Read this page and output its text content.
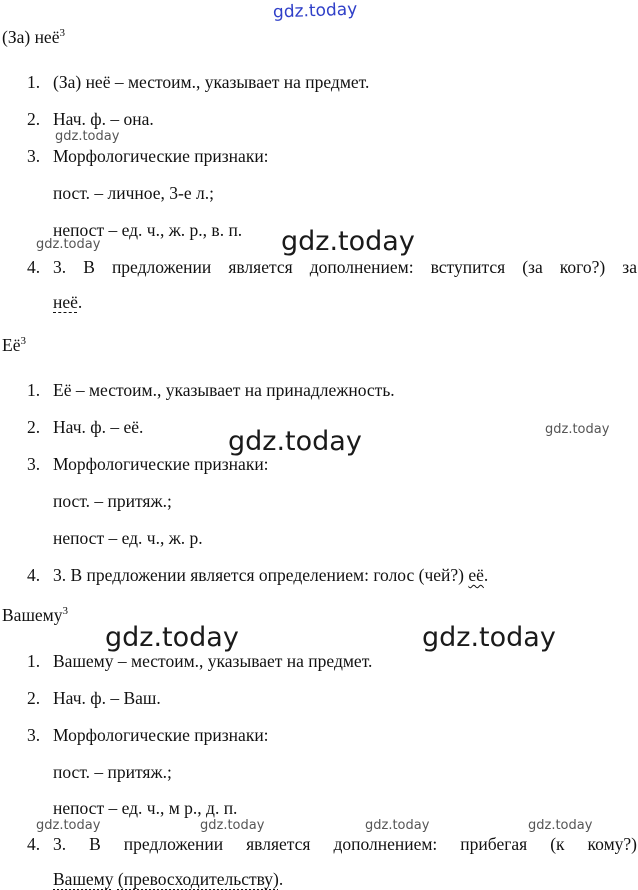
gdz.today
gdz.today
gdz.today	gdz.today
gdz.today	gdz.today
gdz.today	gdz.today
gdz.today	gdz.today	gdz.today	gdz.today
(За) неё$^3$
1. (За) неё – местоим., указывает на предмет.
2. Нач. ф. – она.
3. Морфологические признаки:
пост. – личное, 3-е л.;
непост – ед. ч., ж. р., в. п.
4. 3. В предложении является дополнением: вступится (за кого?) за
неё.
$Её^3$
1. Её – местоим., указывает на принадлежность.
2. Нач. ф. – её.
3. Морфологические признаки:
пост. – притяж.;
непост – ед. ч., ж. р.
4. 3. В предложении является определением: голос (чей?) её.
Вашему$^3$
1. Вашему – местоим., указывает на предмет.
2. Нач. ф. – Ваш.
3. Морфологические признаки:
пост. – притяж.;
непост – ед. ч., м р., д. п.
4. 3. В предложении является дополнением: прибегая (к кому?)
Вашему (превосходительству).
